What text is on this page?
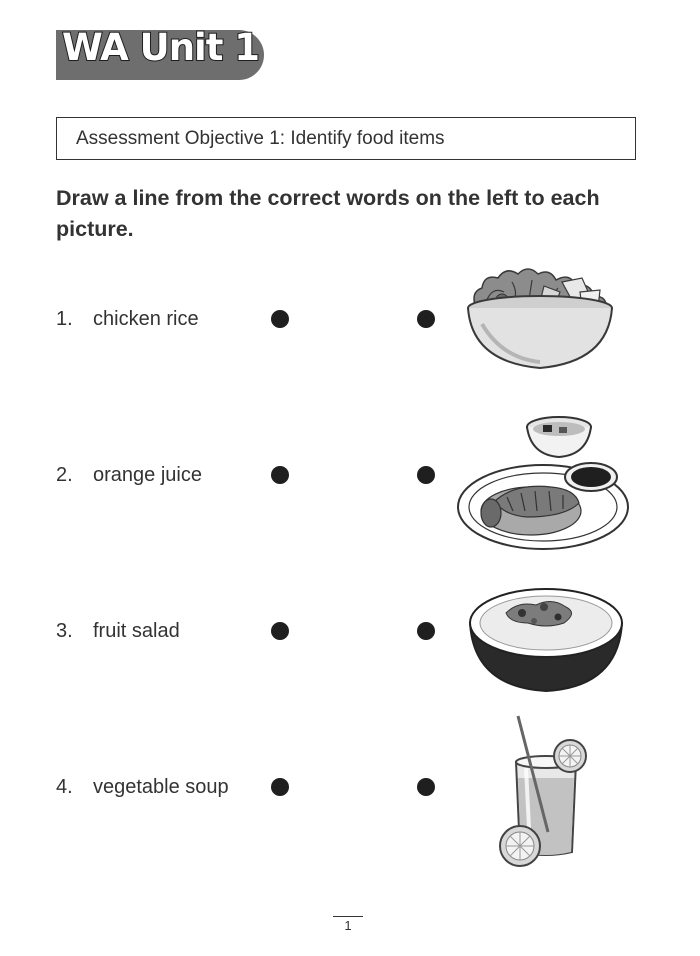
WA Unit 1
Assessment Objective 1: Identify food items

Draw a line from the correct words on the left to each picture.

1. chicken rice
2. orange juice
3. fruit salad
4. vegetable soup
1
